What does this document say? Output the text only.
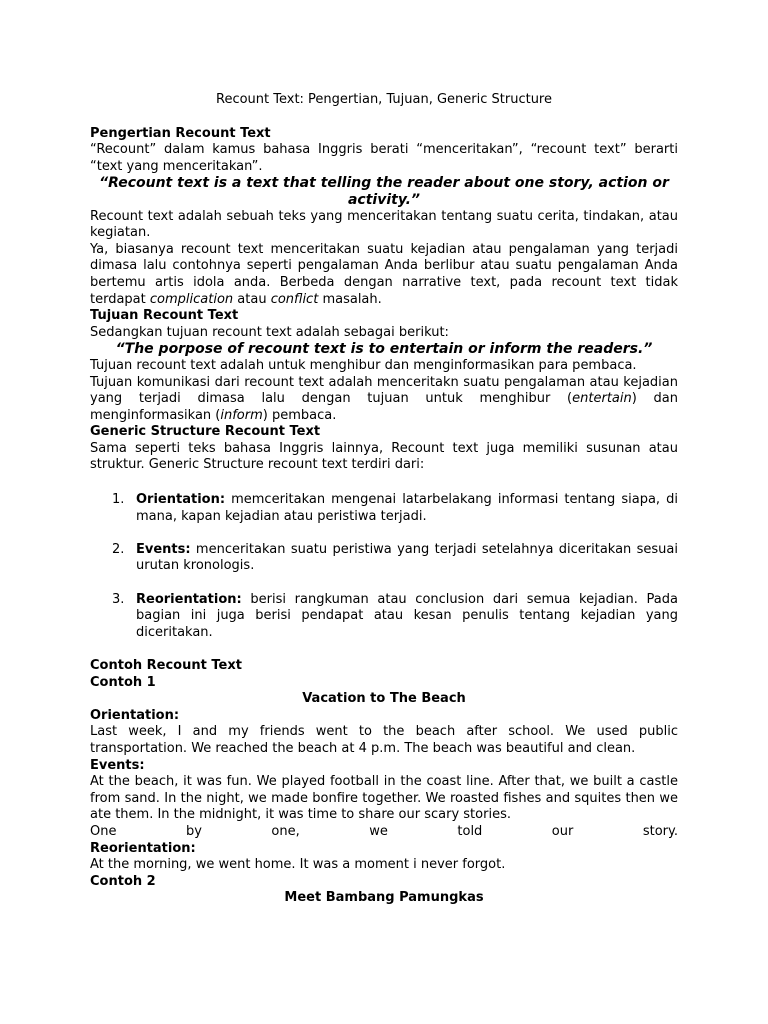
Recount Text: Pengertian, Tujuan, Generic Structure

Pengertian Recount Text

“Recount” dalam kamus bahasa Inggris berati “menceritakan”, “recount text” berarti “text yang menceritakan”.

“Recount text is a text that telling the reader about one story, action or activity.”

Recount text adalah sebuah teks yang menceritakan tentang suatu cerita, tindakan, atau kegiatan.

Ya, biasanya recount text menceritakan suatu kejadian atau pengalaman yang terjadi dimasa lalu contohnya seperti pengalaman Anda berlibur atau suatu pengalaman Anda bertemu artis idola anda. Berbeda dengan narrative text, pada recount text tidak terdapat complication atau conflict masalah.

Tujuan Recount Text

Sedangkan tujuan recount text adalah sebagai berikut:

“The porpose of recount text is to entertain or inform the readers.”

Tujuan recount text adalah untuk menghibur dan menginformasikan para pembaca.

Tujuan komunikasi dari recount text adalah menceritakn suatu pengalaman atau kejadian yang terjadi dimasa lalu dengan tujuan untuk menghibur (entertain) dan menginformasikan (inform) pembaca.

Generic Structure Recount Text

Sama seperti teks bahasa Inggris lainnya, Recount text juga memiliki susunan atau struktur. Generic Structure recount text terdiri dari:

1. Orientation: memceritakan mengenai latarbelakang informasi tentang siapa, di mana, kapan kejadian atau peristiwa terjadi.
2. Events: menceritakan suatu peristiwa yang terjadi setelahnya diceritakan sesuai urutan kronologis.
3. Reorientation: berisi rangkuman atau conclusion dari semua kejadian. Pada bagian ini juga berisi pendapat atau kesan penulis tentang kejadian yang diceritakan.
Contoh Recount Text
Contoh 1

Vacation to The Beach

Orientation:

Last week, I and my friends went to the beach after school. We used public transportation. We reached the beach at 4 p.m. The beach was beautiful and clean.

Events:

At the beach, it was fun. We played football in the coast line. After that, we built a castle from sand. In the night, we made bonfire together. We roasted fishes and squites then we ate them. In the midnight, it was time to share our scary stories.

One by one, we told our story.

Reorientation:

At the morning, we went home. It was a moment i never forgot.

Contoh 2

Meet Bambang Pamungkas
